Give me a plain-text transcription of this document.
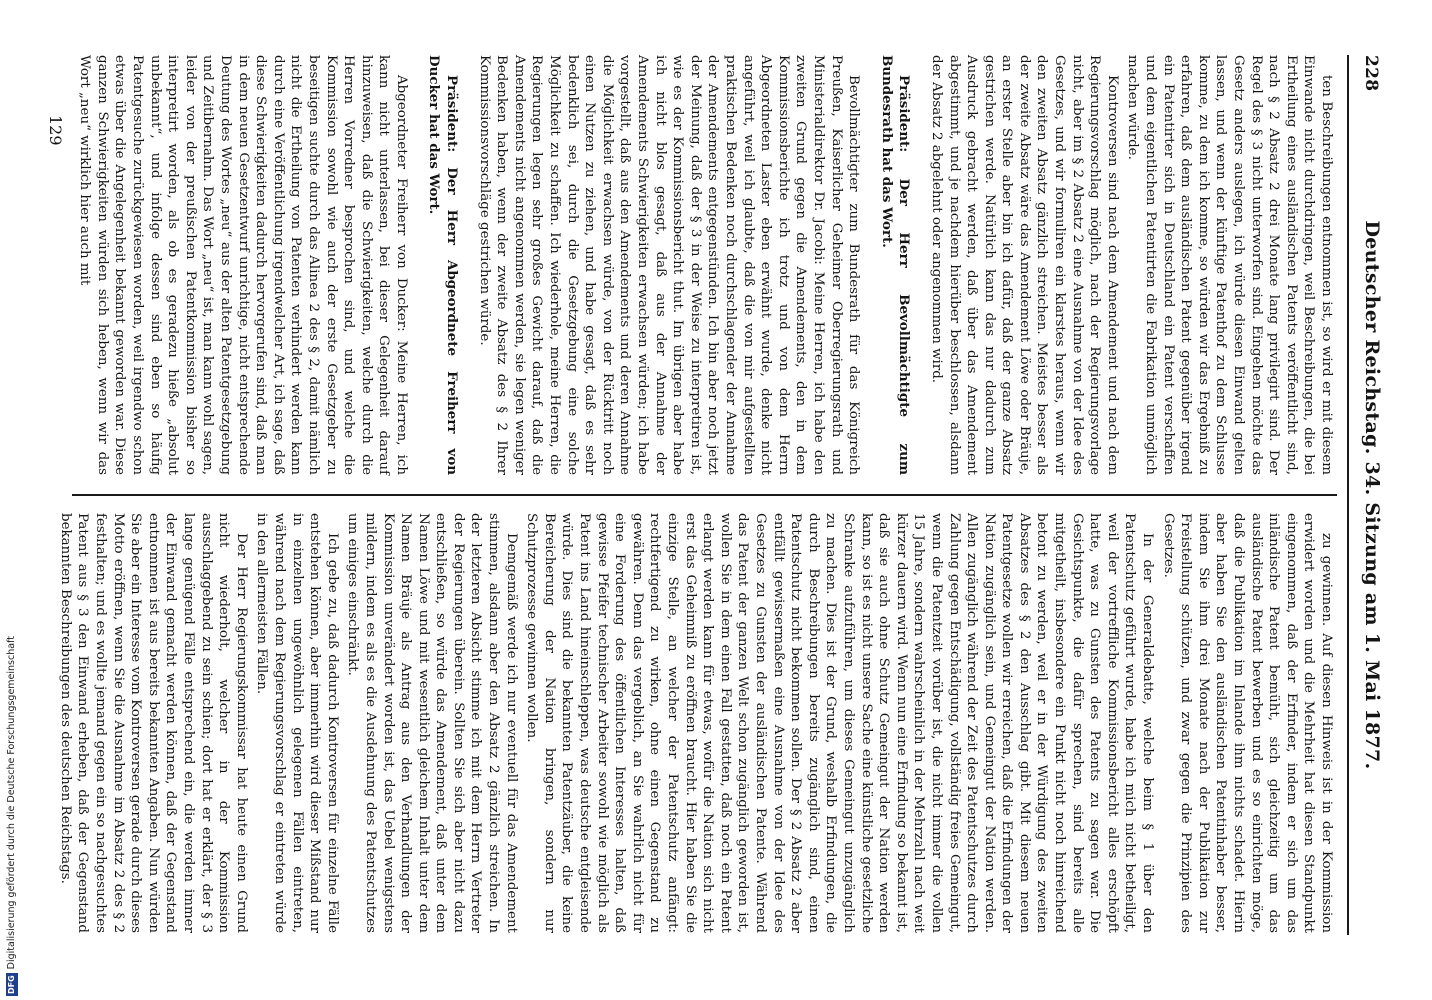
228
Deutscher Reichstag. 34. Sitzung am 1. Mai 1877.

ten Beschreibungen entnommen ist, so wird er mit diesem Einwande nicht durchdringen, weil Beschreibungen, die bei Ertheilung eines ausländischen Patents veröffentlicht sind, nach § 2 Absatz 2 drei Monate lang privilegirt sind. Der Regel des § 3 nicht unterworfen sind. Eingehen möchte das Gesetz anders auslegen, ich würde diesen Einwand gelten lassen, und wenn der künftige Patenthof zu dem Schlusse komme, zu dem ich komme, so würden wir das Ergebniß zu erfahren, daß dem ausländischen Patent gegenüber irgend ein Patentirter sich in Deutschland ein Patent verschaffen und dem eigentlichen Patentirten die Fabrikation unmöglich machen würde.

Kontroversen sind nach dem Amendement und nach dem Regierungsvorschlag möglich, nach der Regierungsvorlage nicht, aber im § 2 Absatz 2 eine Ausnahme von der Idee des Gesetzes, und wir formuliren ein klarstes heraus, wenn wir den zweiten Absatz gänzlich streichen. Meistes besser als der zweite Absatz wäre das Amendement Löwe oder Bräuje, an erster Stelle aber bin ich dafür, daß der ganze Absatz gestrichen werde. Natürlich kann das nur dadurch zum Ausdruck gebracht werden, daß über das Amendement abgestimmt, und je nachdem hierüber beschlossen, alsdann der Absatz 2 abgelehnt oder angenommen wird.

Präsident: Der Herr Bevollmächtigte zum Bundesrath hat das Wort.

Bevollmächtigter zum Bundesrath für das Königreich Preußen, Kaiserlicher Geheimer Oberregierungsrath und Ministerialdirektor Dr. Jacobi: Meine Herren, ich habe den zweiten Grund gegen die Amendements, den in dem Kommissionsberichte ich trotz und von dem Herrn Abgeordneten Laster eben erwähnt wurde, denke nicht angeführt, weil ich glaubte, daß die von mir aufgestellten praktischen Bedenken noch durchschlagender der Annahme der Amendements entgegenstünden. Ich bin aber noch jetzt der Meinung, daß der § 3 in der Weise zu interpretiren ist, wie es der Kommissionsbericht thut. Im übrigen aber habe ich nicht blos gesagt, daß aus der Annahme der Amendements Schwierigkeiten erwachsen würden; ich habe vorgestellt, daß aus den Amendements und deren Annahme die Möglichkeit erwachsen würde, von der Rücktritt noch einen Nutzen zu ziehen, und habe gesagt, daß es sehr bedenklich sei, durch die Gesetzgebung eine solche Möglichkeit zu schaffen. Ich wiederhole, meine Herren, die Regierungen legen sehr großes Gewicht darauf, daß die Amendements nicht angenommen werden, sie legen weniger Bedenken haben, wenn der zweite Absatz des § 2 Ihrer Kommissionsvorschläge gestrichen würde.

Präsident: Der Herr Abgeordnete Freiherr von Ducker hat das Wort.

Abgeordneter Freiherr von Ducker: Meine Herren, ich kann nicht unterlassen, bei dieser Gelegenheit darauf hinzuweisen, daß die Schwierigkeiten, welche durch die Herren Vorredner besprochen sind, und welche die Kommission sowohl wie auch der erste Gesetzgeber zu beseitigen suchte durch das Alinea 2 des § 2, damit nämlich nicht die Ertheilung von Patenten verhindert werden kann durch eine Veröffentlichung irgendwelcher Art, ich sage, daß diese Schwierigkeiten dadurch hervorgerufen sind, daß man in dem neuen Gesetzentwurf unrichtige, nicht entsprechende Deutung des Wortes „neu“ aus der alten Patentgesetzgebung und Zeitibernahm. Das Wort „neu“ ist, man kann wohl sagen, leider von der preußischen Patentkommission bisher so interpretirt worden, als ob es geradezu hieße „absolut unbekannt“, und infolge dessen sind eben so häufig Patentgesuche zurückgewiesen worden, weil irgendwo schon etwas über die Angelegenheit bekannt geworden war. Diese ganzen Schwierigkeiten würden sich heben, wenn wir das Wort „neu“ wirklich hier auch mit

zu gewinnen. Auf diesen Hinweis ist in der Kommission erwidert worden und die Mehrheit hat diesen Standpunkt eingenommen, daß der Erfinder, indem er sich um das inländische Patent bemüht, sich gleichzeitig um das ausländische Patent bewerben und es so einrichten möge, daß die Publikation im Inlande ihm nichts schadet. Hierin aber haben Sie den ausländischen Patentinhaber besser, indem Sie ihm drei Monate nach der Publikation zur Freistellung schützen, und zwar gegen die Prinzipien des Gesetzes.

In der Generaldebatte, welche beim § 1 über den Patentschutz geführt wurde, habe ich mich nicht betheiligt, weil der vortreffliche Kommissionsbericht alles erschöpft hatte, was zu Gunsten des Patents zu sagen war. Die Gesichtspunkte, die dafür sprechen, sind bereits alle mitgetheilt, insbesondere ein Punkt nicht noch hinreichend betont zu werden, weil er in der Würdigung des zweiten Absatzes des § 2 den Ausschlag gibt. Mit diesem neuen Patentgesetze wollen wir erreichen, daß die Erfindungen der Nation zugänglich sein, und Gemeingut der Nation werden. Allen zugänglich während der Zeit des Patentschutzes durch Zahlung gegen Entschädigung, vollständig freies Gemeingut, wenn die Patentzeit vorüber ist, die nicht immer die vollen 15 Jahre, sondern wahrscheinlich in der Mehrzahl nach weit kürzer dauern wird. Wenn nun eine Erfindung so bekannt ist, daß sie auch ohne Schutz Gemeingut der Nation werden kann, so ist es nicht unsere Sache eine künstliche gesetzliche Schranke aufzuführen, um dieses Gemeingut unzugänglich zu machen. Dies ist der Grund, weshalb Erfindungen, die durch Beschreibungen bereits zugänglich sind, einen Patentschutz nicht bekommen sollen. Der § 2 Absatz 2 aber entfällt gewissermaßen eine Ausnahme von der Idee des Gesetzes zu Gunsten der ausländischen Patente. Während das Patent der ganzen Welt schon zugänglich geworden ist, wollen Sie in dem einen Fall gestatten, daß noch ein Patent erlangt werden kann für etwas, wofür die Nation sich nicht erst das Geheimniß zu eröffnen braucht. Hier haben Sie die einzige Stelle, an welcher der Patentschutz anfängt: rechtfertigend zu wirken, ohne einen Gegenstand zu gewähren. Denn das vergeblich, an Sie wahrlich nicht für eine Forderung des öffentlichen Interesses halten, daß gewisse Pfeifer technischer Arbeiter sowohl wie möglich als Patent ins Land hineinschleppen, was deutsche entgleisende würde. Dies sind die bekannten Patentzäuber, die keine Bereicherung der Nation bringen, sondern nur Schutzprozesse gewinnen wollen.

Demgemäß werde ich nur eventuell für das Amendement stimmen, alsdann aber den Absatz 2 gänzlich streichen. In der letzteren Absicht stimme ich mit dem Herrn Vertreter der Regierungen überein. Sollten Sie sich aber nicht dazu entschließen, so würde das Amendement, daß unter dem Namen Löwe und mit wesentlich gleichem Inhalt unter dem Namen Bräuje als Antrag aus den Verhandlungen der Kommission unverändert worden ist, das Uebel wenigstens mildern, indem es als es die Ausdehnung des Patentschutzes um einiges einschränkt.

Ich gebe zu, daß dadurch Kontroversen für einzelne Fälle entstehen können, aber immerhin wird dieser Mißstand nur in einzelnen ungewöhnlich gelegenen Fällen eintreten, während nach dem Regierungsvorschlag er eintreten würde in den allermeisten Fällen.

Der Herr Regierungskommissar hat heute einen Grund nicht wiederholt, welcher in der Kommission ausschlaggebend zu sein schien; dort hat er erklärt, der § 3 lange genügend Fälle entsprechend ein, die werden immer der Einwand gemacht werden können, daß der Gegenstand entnommen ist aus bereits bekannten Angaben. Nun würden Sie aber ein Interesse vom Kontroversen gerade durch dieses Motto eröffnen, wenn Sie die Ausnahme im Absatz 2 des § 2 festhalten; und es wollte jemand gegen ein so nachgesuchtes Patent aus § 3 den Einwand erheben, daß der Gegenstand bekannten Beschreibungen des deutschen Reichstags.

129
DFGDigitalisierung gefördert durch die Deutsche Forschungsgemeinschaft
